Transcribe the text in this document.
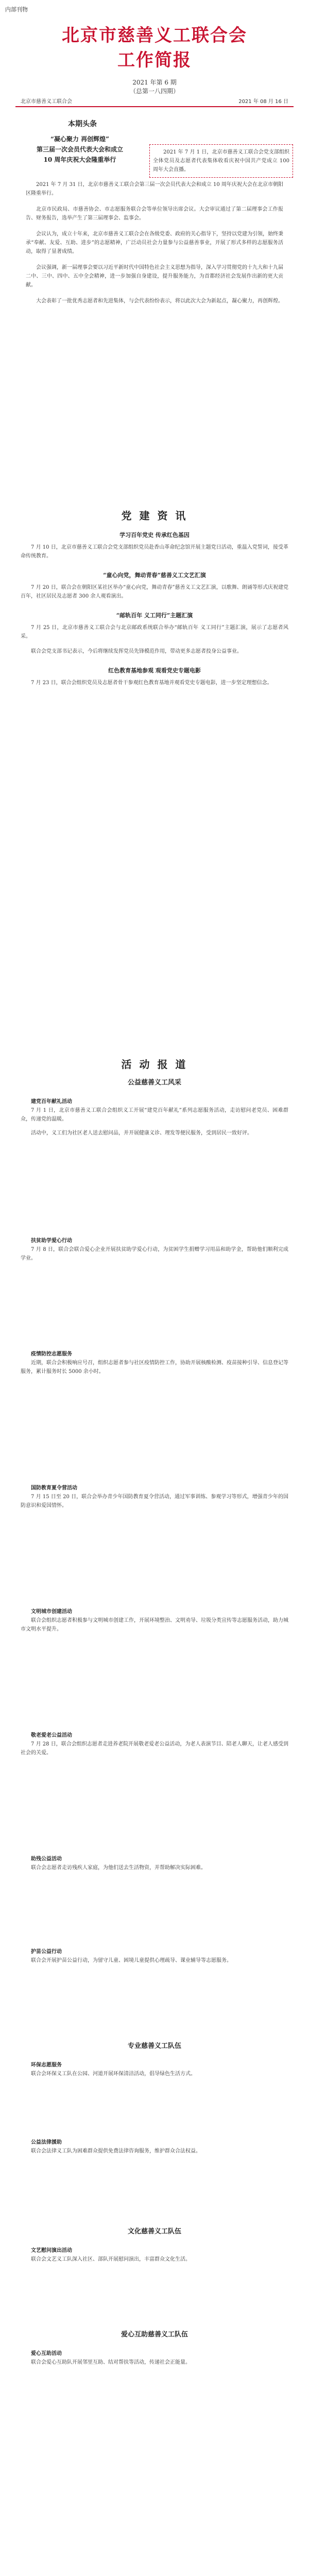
内部刊物
北京市慈善义工联合会
工作简报
2021 年第 6 期
（总第一八四期）
北京市慈善义工联合会	2021 年 08 月 16 日
本期头条
“凝心聚力 再创辉煌”
第三届一次会员代表大会和成立
10 周年庆祝大会隆重举行

2021 年 7 月 1 日，北京市慈善义工联合会党支部组织全体党员及志愿者代表集体收看庆祝中国共产党成立 100 周年大会直播。

2021 年 7 月 31 日，北京市慈善义工联合会第三届一次会员代表大会和成立 10 周年庆祝大会在北京市朝阳区隆重举行。

北京市民政局、市慈善协会、市志愿服务联合会等单位领导出席会议。大会审议通过了第二届理事会工作报告、财务报告，选举产生了第三届理事会、监事会。

会议认为，成立十年来，北京市慈善义工联合会在各级党委、政府的关心指导下，坚持以党建为引领，始终秉承“奉献、友爱、互助、进步”的志愿精神，广泛动员社会力量参与公益慈善事业，开展了形式多样的志愿服务活动，取得了显著成绩。

会议强调，新一届理事会要以习近平新时代中国特色社会主义思想为指导，深入学习贯彻党的十九大和十九届二中、三中、四中、五中全会精神，进一步加强自身建设，提升服务能力，为首都经济社会发展作出新的更大贡献。

大会表彰了一批优秀志愿者和先进集体，与会代表纷纷表示，将以此次大会为新起点，凝心聚力，再创辉煌。

党 建 资 讯
学习百年党史 传承红色基因

7 月 10 日，北京市慈善义工联合会党支部组织党员赴香山革命纪念馆开展主题党日活动，重温入党誓词，接受革命传统教育。

“童心向党，舞动青春”慈善义工文艺汇演

7 月 20 日，联合会在朝阳区某社区举办“童心向党，舞动青春”慈善义工文艺汇演，以歌舞、朗诵等形式庆祝建党百年，社区居民及志愿者 300 余人观看演出。

“邮轨百年 义工同行”主题汇演

7 月 25 日，北京市慈善义工联合会与北京邮政系统联合举办“邮轨百年 义工同行”主题汇演，展示了志愿者风采。

联合会党支部书记表示，今后将继续发挥党员先锋模范作用，带动更多志愿者投身公益事业。

红色教育基地参观 观看党史专题电影

7 月 23 日，联合会组织党员及志愿者骨干参观红色教育基地并观看党史专题电影，进一步坚定理想信念。

活 动 报 道
公益慈善义工风采

建党百年献礼活动

7 月 1 日，北京市慈善义工联合会组织义工开展“建党百年献礼”系列志愿服务活动，走访慰问老党员、困难群众，传递党的温暖。

活动中，义工们为社区老人送去慰问品，并开展健康义诊、理发等便民服务，受到居民一致好评。

扶贫助学爱心行动

7 月 8 日，联合会联合爱心企业开展扶贫助学爱心行动，为贫困学生捐赠学习用品和助学金，帮助他们顺利完成学业。

疫情防控志愿服务

近期，联合会积极响应号召，组织志愿者参与社区疫情防控工作，协助开展核酸检测、疫苗接种引导、信息登记等服务，累计服务时长 5000 余小时。

国防教育夏令营活动

7 月 15 日至 20 日，联合会举办青少年国防教育夏令营活动，通过军事训练、参观学习等形式，增强青少年的国防意识和爱国情怀。

文明城市创建活动

联合会组织志愿者积极参与文明城市创建工作，开展环境整治、文明劝导、垃圾分类宣传等志愿服务活动，助力城市文明水平提升。

敬老爱老公益活动

7 月 28 日，联合会组织志愿者走进养老院开展敬老爱老公益活动，为老人表演节目、陪老人聊天，让老人感受到社会的关爱。

助残公益活动

联合会志愿者走访残疾人家庭，为他们送去生活物资，并帮助解决实际困难。

护苗公益行动

联合会开展护苗公益行动，为留守儿童、困境儿童提供心理疏导、课业辅导等志愿服务。

专业慈善义工队伍

环保志愿服务

联合会环保义工队在公园、河道开展环保清洁活动，倡导绿色生活方式。

公益法律援助

联合会法律义工队为困难群众提供免费法律咨询服务，维护群众合法权益。

文化慈善义工队伍

文艺慰问演出活动

联合会文艺义工队深入社区、部队开展慰问演出，丰富群众文化生活。

爱心互助慈善义工队伍

爱心互助活动

联合会爱心互助队开展邻里互助、结对帮扶等活动，传递社会正能量。
